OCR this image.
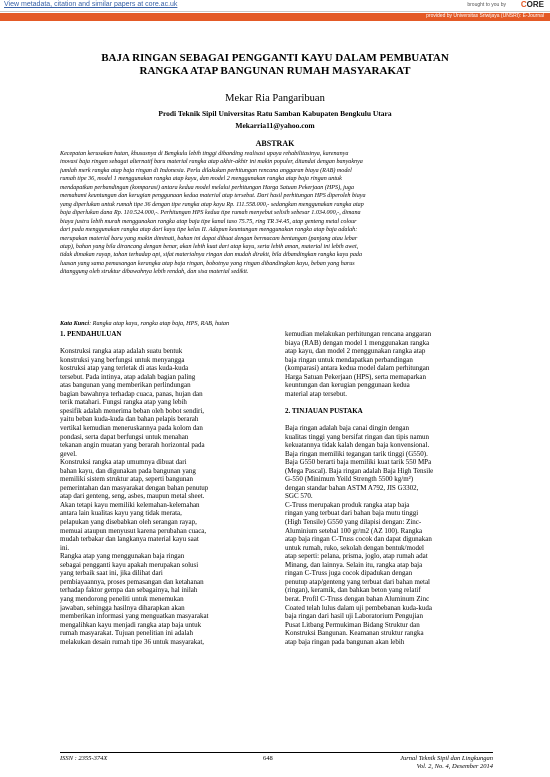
View metadata, citation and similar papers at core.ac.uk	brought to you by CORE
provided by Universitas Sriwijaya (UNSRI): E-Journal
BAJA RINGAN SEBAGAI PENGGANTI KAYU DALAM PEMBUATAN
RANGKA ATAP BANGUNAN RUMAH MASYARAKAT
Mekar Ria Pangaribuan
Prodi Teknik Sipil Universitas Ratu Samban Kabupaten Bengkulu Utara
Mekarria11@yahoo.com
ABSTRAK
Kecepatan kerusakan hutan, khususnya di Bengkulu lebih tinggi dibanding realisasi upaya rehabilitasinya, karenanya
inovasi baja ringan sebagai alternatif baru material rangka atap akhir-akhir ini makin populer, ditandai dengan banyaknya
jumlah merk rangka atap baja ringan di Indonesia. Perlu dilakukan perhitungan rencana anggaran biaya (RAB) model
rumah tipe 36, model 1 menggunakan rangka atap kayu, dan model 2 menggunakan rangka atap baja ringan untuk
mendapatkan perbandingan (komparasi) antara kedua model melalui perhitungan Harga Satuan Pekerjaan (HPS), juga
memahami keuntungan dan kerugian penggunaan kedua material atap tersebut. Dari hasil perhitungan HPS diperoleh biaya
yang diperlukan untuk rumah tipe 36 dengan tipe rangka atap kayu Rp. 111.558.000,- sedangkan menggunakan rangka atap
baja diperlukan dana Rp. 110.524.000,-. Perhitungan HPS kedua tipe rumah menyebut selisih sebesar 1.034.000,-, dimana
biaya justru lebih murah menggunakan rangka atap baja tipe kanal taso 75.75, ring TR 34.45, atap genteng metal colour
dari pada menggunakan rangka atap dari kayu tipe kelas II. Adapun keuntungan menggunakan rangka atap baja adalah:
merupakan material baru yang makin diminati, bahan ini dapat dibuat dengan bermacam bentangan (panjang atau lebar
atap), bahan yang bila dirancang dengan benar, akan lebih kuat dari atap kayu, serta lebih aman, material ini lebih awet,
tidak dimakan rayap, tahan terhadap api, sifat materialnya ringan dan mudah dirakit, bila dibandingkan rangka kayu pada
luasan yang sama pemasangan kerangka atap baja ringan, bobotnya yang ringan dibandingkan kayu, beban yang harus
ditanggung oleh struktur dibawahnya lebih rendah, dan sisa material sedikit.
Kata Kunci: Rangka atap kayu, rangka atap baja, HPS, RAB, hutan
1. PENDAHULUAN
Konstruksi rangka atap adalah suatu bentuk
konstruksi yang berfungsi untuk menyangga
kostruksi atap yang terletak di atas kuda-kuda
tersebut. Pada intinya, atap adalah bagian paling
atas bangunan yang memberikan perlindungan
bagian bawahnya terhadap cuaca, panas, hujan dan
terik matahari. Fungsi rangka atap yang lebih
spesifik adalah menerima beban oleh bobot sendiri,
yaitu beban kuda-kuda dan bahan pelapis berarah
vertikal kemudian meneruskannya pada kolom dan
pondasi, serta dapat berfungsi untuk menahan
tekanan angin muatan yang berarah horizontal pada
gevel.
Konstruksi rangka atap umumnya dibuat dari
bahan kayu, dan digunakan pada bangunan yang
memiliki sistem struktur atap, seperti bangunan
pemerintahan dan masyarakat dengan bahan penutup
atap dari genteng, seng, asbes, maupun metal sheet.
Akan tetapi kayu memiliki kelemahan-kelemahan
antara lain kualitas kayu yang tidak merata,
pelapukan yang disebabkan oleh serangan rayap,
memuai ataupun menyusut karena perubahan cuaca,
mudah terbakar dan langkanya material kayu saat
ini.
Rangka atap yang menggunakan baja ringan
sebagai pengganti kayu apakah merupakan solusi
yang terbaik saat ini, jika dilihat dari
pembiayaannya, proses pemasangan dan ketahanan
terhadap faktor gempa dan sebagainya, hal inilah
yang mendorong peneliti untuk menemukan
jawaban, sehingga hasilnya diharapkan akan
memberikan informasi yang menguatkan masyarakat
mengalihkan kayu menjadi rangka atap baja untuk
rumah masyarakat. Tujuan penelitian ini adalah
melakukan desain rumah tipe 36 untuk masyarakat,
kemudian melakukan perhitungan rencana anggaran
biaya (RAB) dengan model 1 menggunakan rangka
atap kayu, dan model 2 menggunakan rangka atap
baja ringan untuk mendapatkan perbandingan
(komparasi) antara kedua model dalam perhitungan
Harga Satuan Pekerjaan (HPS), serta memaparkan
keuntungan dan kerugian penggunaan kedua
material atap tersebut.
2. TINJAUAN PUSTAKA
Baja ringan adalah baja canai dingin dengan
kualitas tinggi yang bersifat ringan dan tipis namun
kekuatannya tidak kalah dengan baja konvensional.
Baja ringan memiliki tegangan tarik tinggi (G550).
Baja G550 berarti baja memiliki kuat tarik 550 MPa
(Mega Pascal). Baja ringan adalah Baja High Tensile
G-550 (Minimum Yeild Strength 5500 kg/m²)
dengan standar bahan ASTM A792, JIS G3302,
SGC 570.
C-Truss merupakan produk rangka atap baja
ringan yang terbuat dari bahan baja mutu tinggi
(High Tensile) G550 yang dilapisi dengan: Zinc-
Aluminium setebal 100 gr/m2 (AZ 100). Rangka
atap baja ringan C-Truss cocok dan dapat digunakan
untuk rumah, ruko, sekolah dengan bentuk/model
atap seperti: pelana, prisma, joglo, atap rumah adat
Minang, dan lainnya. Selain itu, rangka atap baja
ringan C-Truss juga cocok dipadukan dengan
penutup atap/genteng yang terbuat dari bahan metal
(ringan), keramik, dan bahkan beton yang relatif
berat. Profil C-Truss dengan bahan Aluminum Zinc
Coated telah lulus dalam uji pembebanan kuda-kuda
baja ringan dari hasil uji Laboratorium Pengujian
Pusat Litbang Permukiman Bidang Struktur dan
Konstruksi Bangunan. Keamanan struktur rangka
atap baja ringan pada bangunan akan lebih
ISSN : 2355-374X	648	Jurnal Teknik Sipil dan Lingkungan
Vol. 2, No. 4, Desember 2014
